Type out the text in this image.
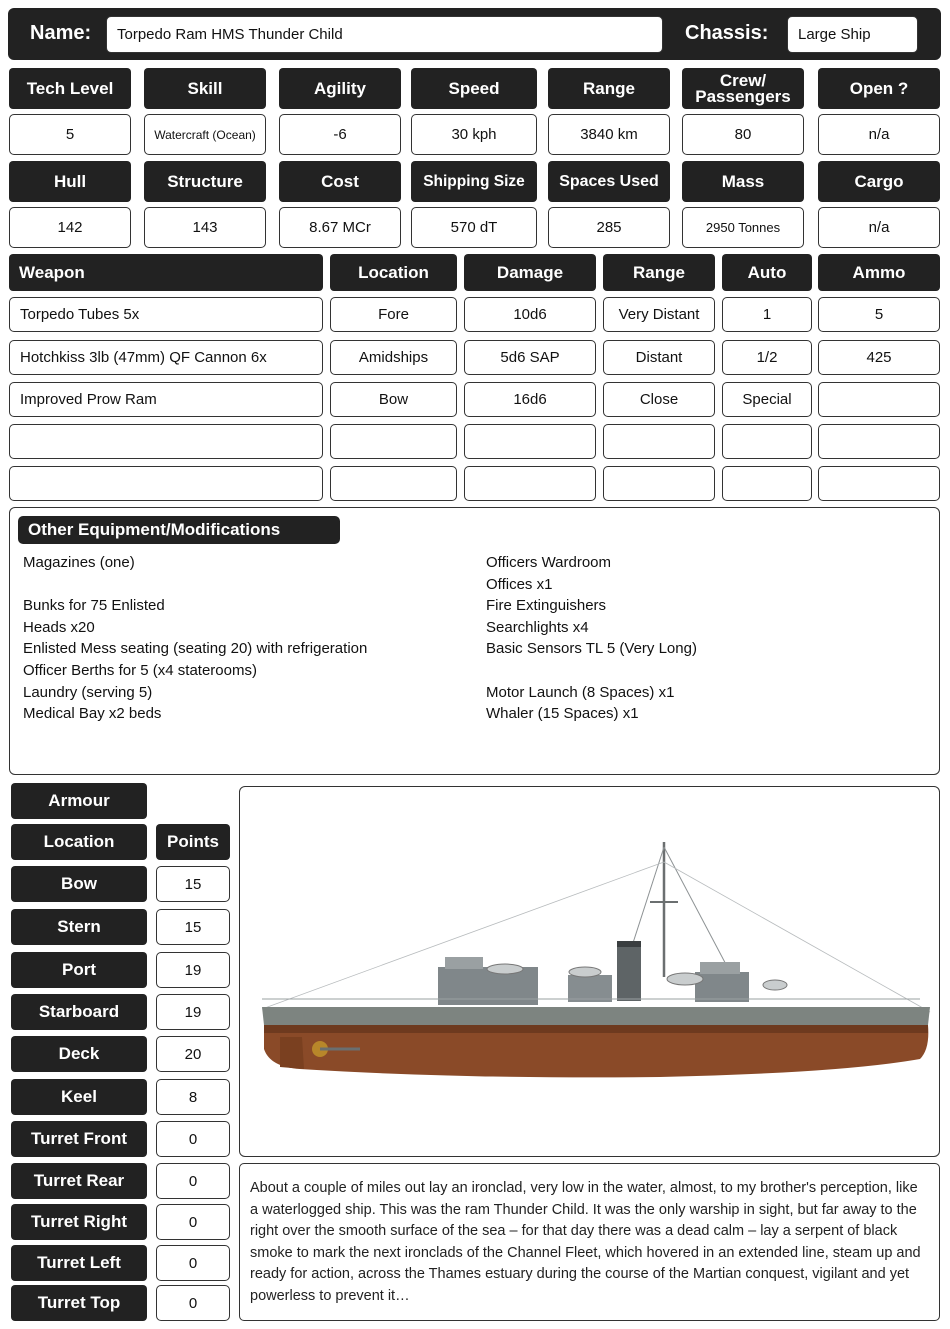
Name:	Torpedo Ram HMS Thunder Child	Chassis:	Large Ship
Tech Level	Skill	Agility	Speed	Range	Crew/
Passengers	Open ?
5	Watercraft (Ocean)	-6	30 kph	3840 km	80	n/a
Hull	Structure	Cost	Shipping Size	Spaces Used	Mass	Cargo
142	143	8.67 MCr	570 dT	285	2950 Tonnes	n/a
Weapon	Location	Damage	Range	Auto	Ammo
Torpedo Tubes 5x	Fore	10d6	Very Distant	1	5
Hotchkiss 3lb (47mm) QF Cannon 6x	Amidships	5d6 SAP	Distant	1/2	425
Improved Prow Ram	Bow	16d6	Close	Special
Other Equipment/Modifications
Magazines (one)
Bunks for 75 Enlisted
Heads x20
Enlisted Mess seating (seating 20) with refrigeration
Officer Berths for 5 (x4 staterooms)
Laundry (serving 5)
Medical Bay x2 beds
Officers Wardroom
Offices x1
Fire Extinguishers
Searchlights x4
Basic Sensors TL 5 (Very Long)
Motor Launch (8 Spaces) x1
Whaler (15 Spaces) x1
Armour
Location	Points
Bow	15
Stern	15
Port	19
Starboard	19
Deck	20
Keel	8
Turret Front	0
Turret Rear	0
Turret Right	0
Turret Left	0
Turret Top	0
About a couple of miles out lay an ironclad, very low in the water, almost, to my brother's perception, like a waterlogged ship. This was the ram Thunder Child. It was the only warship in sight, but far away to the right over the smooth surface of the sea – for that day there was a dead calm – lay a serpent of black smoke to mark the next ironclads of the Channel Fleet, which hovered in an extended line, steam up and ready for action, across the Thames estuary during the course of the Martian conquest, vigilant and yet powerless to prevent it…
